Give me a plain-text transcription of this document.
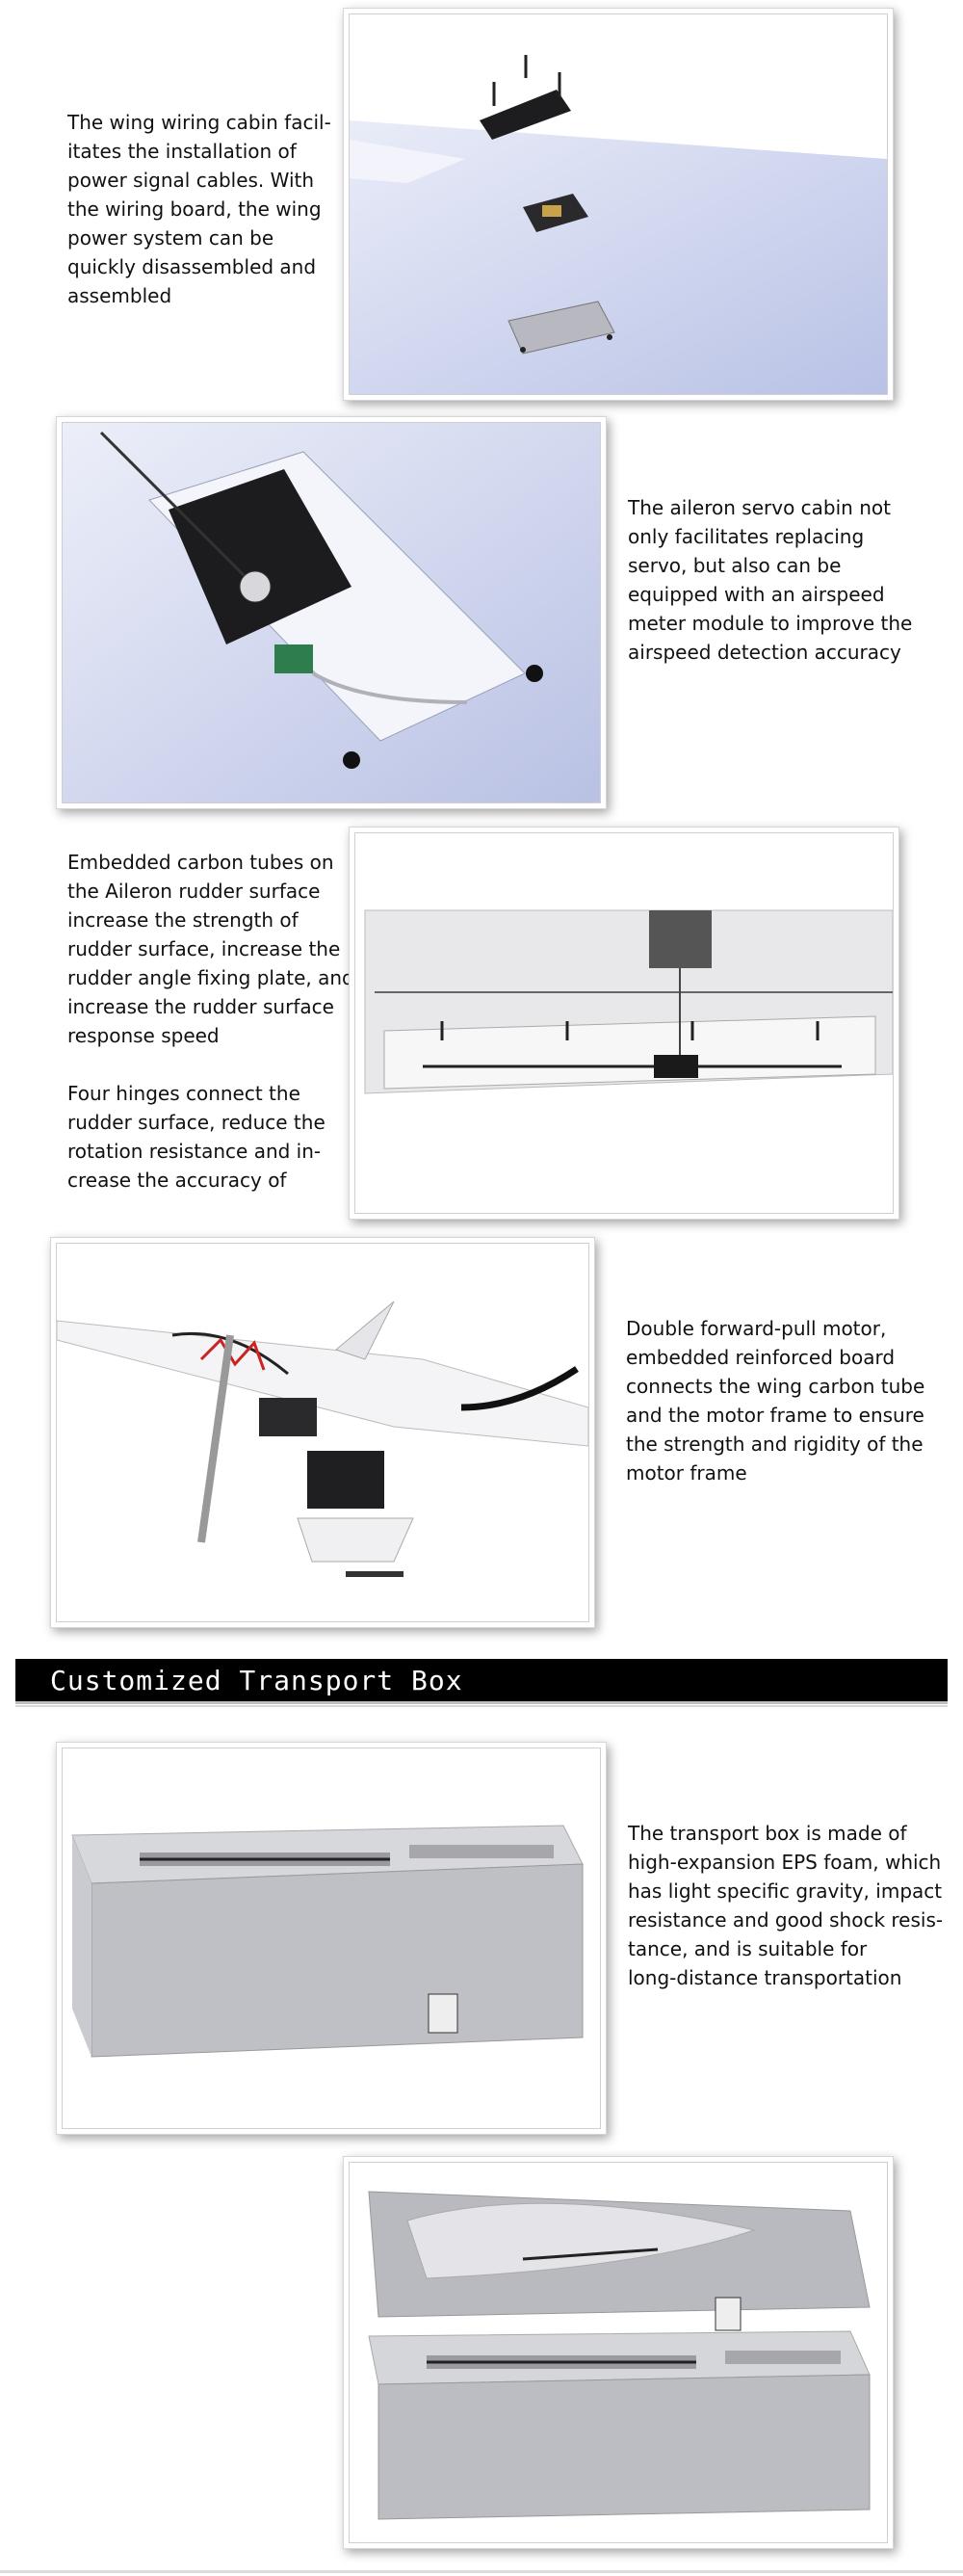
The wing wiring cabin facil-
itates the installation of
power signal cables. With
the wiring board, the wing
power system can be
quickly disassembled and
assembled
The aileron servo cabin not
only facilitates replacing
servo, but also can be
equipped with an airspeed
meter module to improve the
airspeed detection accuracy
Embedded carbon tubes on
the Aileron rudder surface
increase the strength of
rudder surface, increase the
rudder angle fixing plate, and
increase the rudder surface
response speed

Four hinges connect the
rudder surface, reduce the
rotation resistance and in-
crease the accuracy of
Double forward-pull motor,
embedded reinforced board
connects the wing carbon tube
and the motor frame to ensure
the strength and rigidity of the
motor frame
Customized Transport Box
The transport box is made of
high-expansion EPS foam, which
has light specific gravity, impact
resistance and good shock resis-
tance, and is suitable for
long-distance transportation
